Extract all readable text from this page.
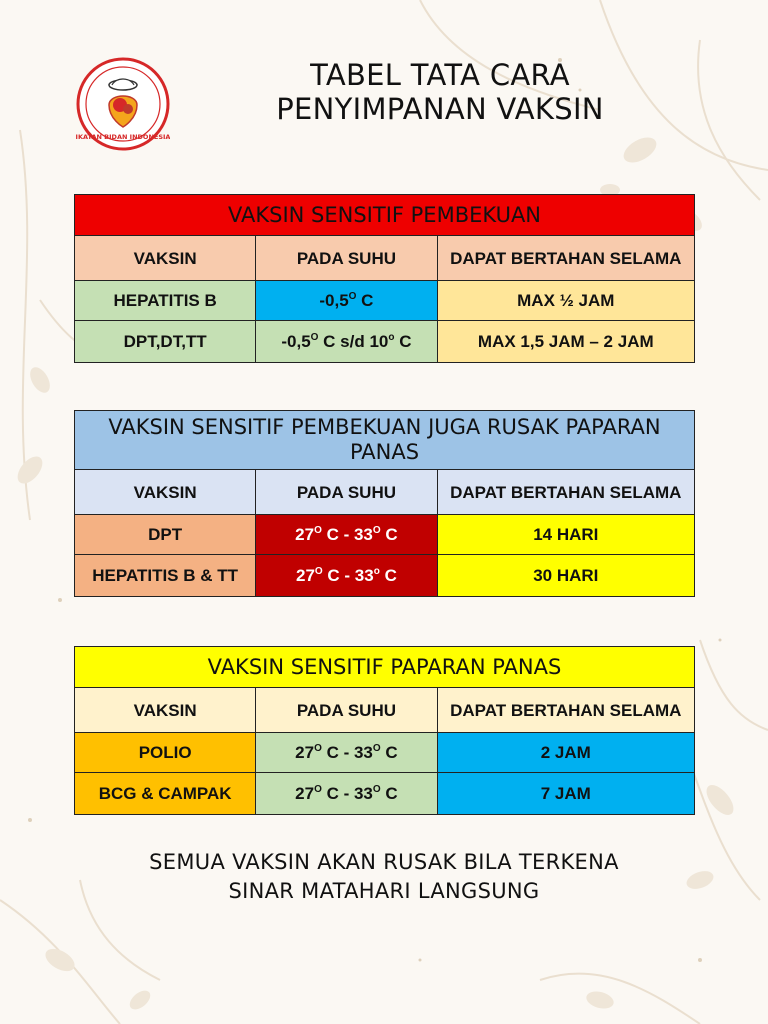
IKATAN BIDAN INDONESIA
TABEL TATA CARA
PENYIMPANAN VAKSIN
VAKSIN SENSITIF PEMBEKUAN		
VAKSIN	PADA SUHU	DAPAT BERTAHAN SELAMA
HEPATITIS B	$-0,5^O$ C	MAX ½ JAM
DPT,DT,TT	$-0,5^O$ C s/d 10$^o$ C	MAX 1,5 JAM – 2 JAM
VAKSIN SENSITIF PEMBEKUAN JUGA RUSAK PAPARAN PANAS		
VAKSIN	PADA SUHU	DAPAT BERTAHAN SELAMA
DPT	$27^O$ C - $33^O$ C	14 HARI
HEPATITIS B & TT	$27^O$ C - 33$^o$ C	30 HARI
VAKSIN SENSITIF PAPARAN PANAS		
VAKSIN	PADA SUHU	DAPAT BERTAHAN SELAMA
POLIO	$27^O$ C - $33^O$ C	2 JAM
BCG & CAMPAK	$27^O$ C - $33^O$ C	7 JAM
SEMUA VAKSIN AKAN RUSAK BILA TERKENA
SINAR MATAHARI LANGSUNG
